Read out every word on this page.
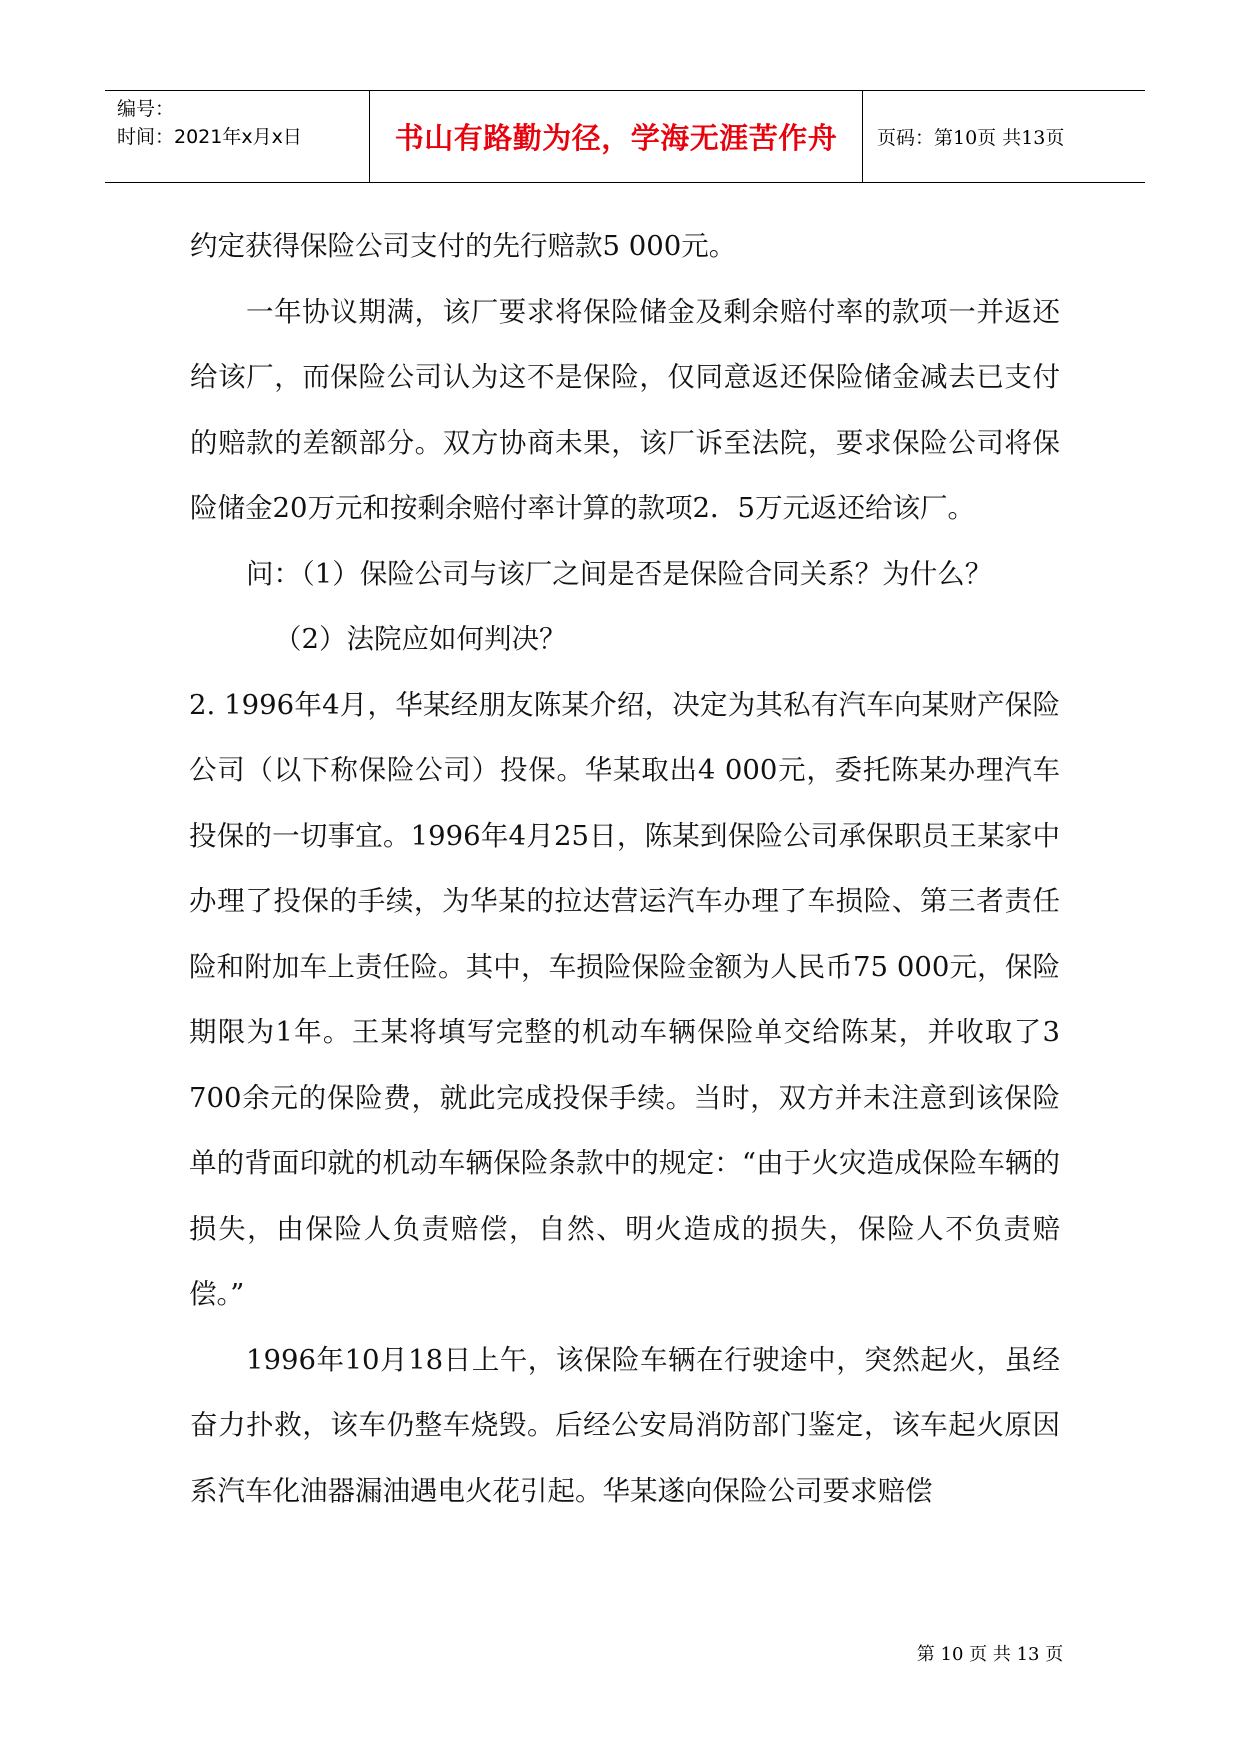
编号：
时间：2021年x月x日	书山有路勤为径，学海无涯苦作舟	页码：第10页 共13页

约定获得保险公司支付的先行赔款5 000元。

一年协议期满，该厂要求将保险储金及剩余赔付率的款项一并返还给该厂，而保险公司认为这不是保险，仅同意返还保险储金减去已支付的赔款的差额部分。双方协商未果，该厂诉至法院，要求保险公司将保险储金20万元和按剩余赔付率计算的款项2．5万元返还给该厂。

问：（1）保险公司与该厂之间是否是保险合同关系？为什么？

（2）法院应如何判决？

2. 1996年4月，华某经朋友陈某介绍，决定为其私有汽车向某财产保险公司（以下称保险公司）投保。华某取出4 000元，委托陈某办理汽车投保的一切事宜。1996年4月25日，陈某到保险公司承保职员王某家中办理了投保的手续，为华某的拉达营运汽车办理了车损险、第三者责任险和附加车上责任险。其中，车损险保险金额为人民币75 000元，保险期限为1年。王某将填写完整的机动车辆保险单交给陈某，并收取了3 700余元的保险费，就此完成投保手续。当时，双方并未注意到该保险单的背面印就的机动车辆保险条款中的规定：“由于火灾造成保险车辆的损失，由保险人负责赔偿，自然、明火造成的损失，保险人不负责赔偿。”

1996年10月18日上午，该保险车辆在行驶途中，突然起火，虽经奋力扑救，该车仍整车烧毁。后经公安局消防部门鉴定，该车起火原因系汽车化油器漏油遇电火花引起。华某遂向保险公司要求赔偿

第 10 页 共 13 页
